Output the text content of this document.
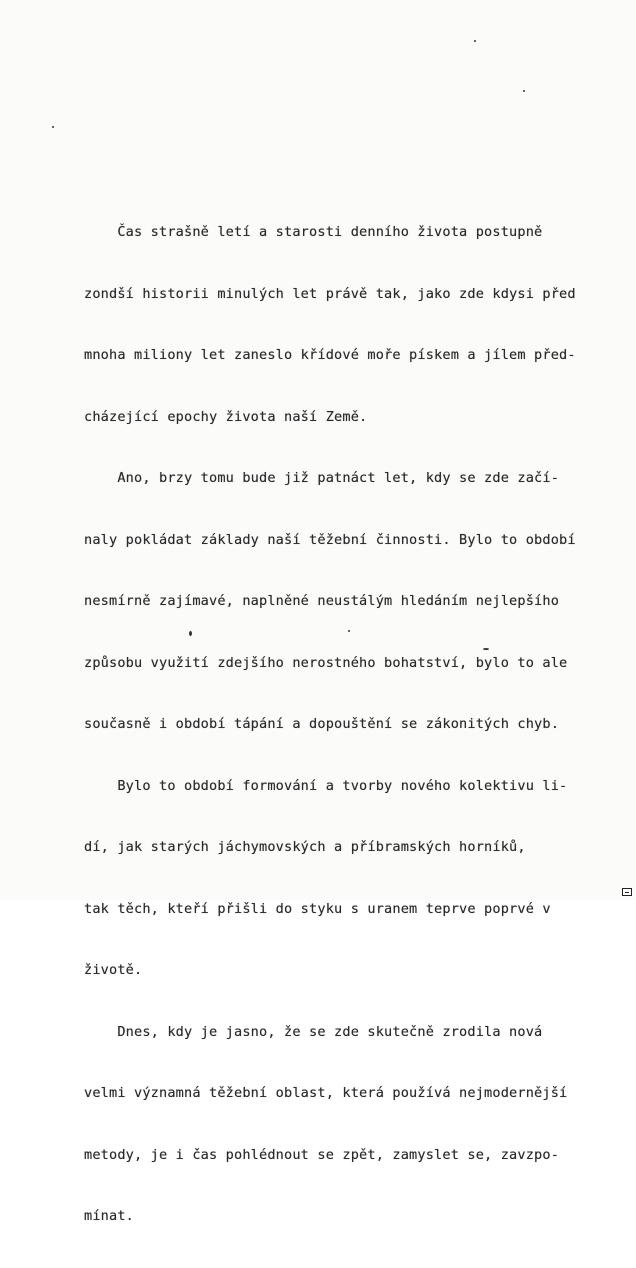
Čas strašně letí a starosti denního života postupně

zondší historii minulých let právě tak, jako zde kdysi před

mnoha miliony let zaneslo křídové moře pískem a jílem před-

cházející epochy života naší Země.

Ano, brzy tomu bude již patnáct let, kdy se zde začí-

naly pokládat základy naší těžební činnosti. Bylo to období

nesmírně zajímavé, naplněné neustálým hledáním nejlepšího

způsobu využití zdejšího nerostného bohatství, bylo to ale

současně i období tápání a dopouštění se zákonitých chyb.

Bylo to období formování a tvorby nového kolektivu li-

dí, jak starých jáchymovských a příbramských horníků,

tak těch, kteří přišli do styku s uranem teprve poprvé v

životě.

Dnes, kdy je jasno, že se zde skutečně zrodila nová

velmi významná těžební oblast, která používá nejmodernější

metody, je i čas pohlédnout se zpět, zamyslet se, zavzpo-

mínat.
